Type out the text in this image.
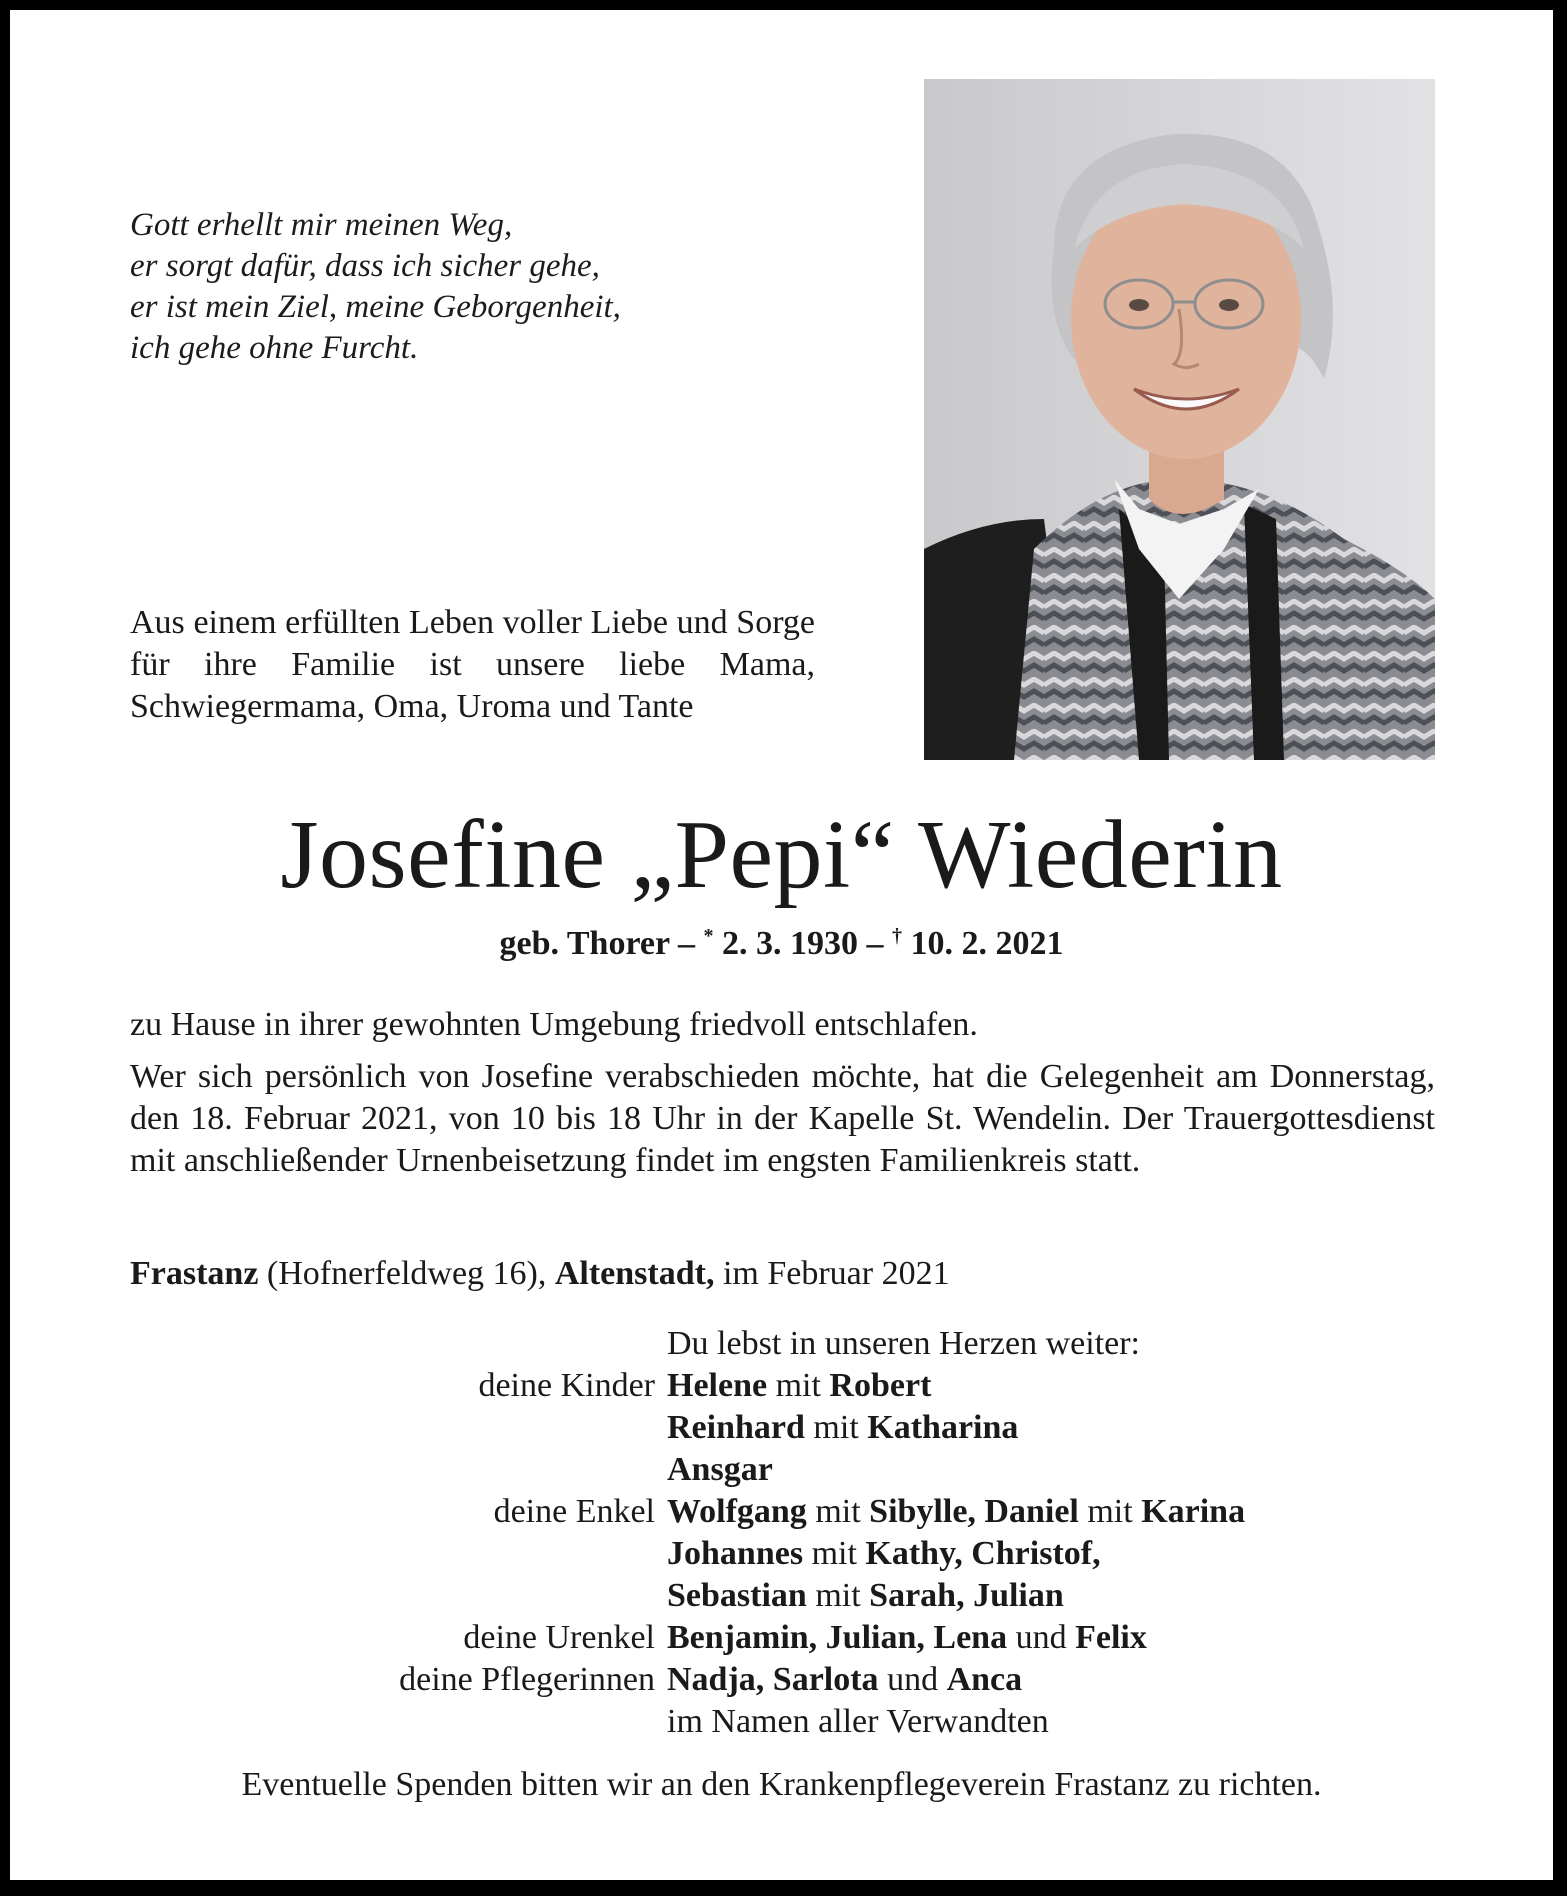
Gott erhellt mir meinen Weg,
er sorgt dafür, dass ich sicher gehe,
er ist mein Ziel, meine Geborgenheit,
ich gehe ohne Furcht.
Aus einem erfüllten Leben voller Liebe und Sorge für ihre Familie ist unsere liebe Mama, Schwiegermama, Oma, Uroma und Tante
Josefine „Pepi“ Wiederin
geb. Thorer – * 2. 3. 1930 – † 10. 2. 2021

zu Hause in ihrer gewohnten Umgebung friedvoll entschlafen.

Wer sich persönlich von Josefine verabschieden möchte, hat die Gelegenheit am Donnerstag, den 18. Februar 2021, von 10 bis 18 Uhr in der Kapelle St. Wendelin. Der Trauergottesdienst mit anschließender Urnenbeisetzung findet im engsten Familienkreis statt.

Frastanz (Hofnerfeldweg 16), Altenstadt, im Februar 2021
Du lebst in unseren Herzen weiter:
deine Kinder Helene mit Robert
Reinhard mit Katharina
Ansgar
deine Enkel Wolfgang mit Sibylle, Daniel mit Karina
Johannes mit Kathy, Christof,
Sebastian mit Sarah, Julian
deine Urenkel Benjamin, Julian, Lena und Felix
deine Pflegerinnen Nadja, Sarlota und Anca
im Namen aller Verwandten
Eventuelle Spenden bitten wir an den Krankenpflegeverein Frastanz zu richten.
